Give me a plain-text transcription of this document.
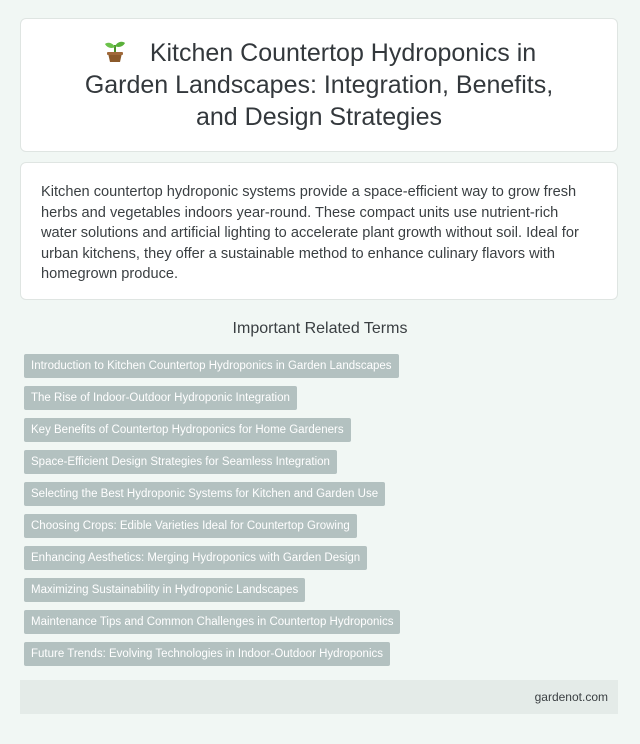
Kitchen Countertop Hydroponics in Garden Landscapes: Integration, Benefits, and Design Strategies

Kitchen countertop hydroponic systems provide a space-efficient way to grow fresh herbs and vegetables indoors year-round. These compact units use nutrient-rich water solutions and artificial lighting to accelerate plant growth without soil. Ideal for urban kitchens, they offer a sustainable method to enhance culinary flavors with homegrown produce.

Important Related Terms
Introduction to Kitchen Countertop Hydroponics in Garden Landscapes
The Rise of Indoor-Outdoor Hydroponic Integration
Key Benefits of Countertop Hydroponics for Home Gardeners
Space-Efficient Design Strategies for Seamless Integration
Selecting the Best Hydroponic Systems for Kitchen and Garden Use
Choosing Crops: Edible Varieties Ideal for Countertop Growing
Enhancing Aesthetics: Merging Hydroponics with Garden Design
Maximizing Sustainability in Hydroponic Landscapes
Maintenance Tips and Common Challenges in Countertop Hydroponics
Future Trends: Evolving Technologies in Indoor-Outdoor Hydroponics
gardenot.com
